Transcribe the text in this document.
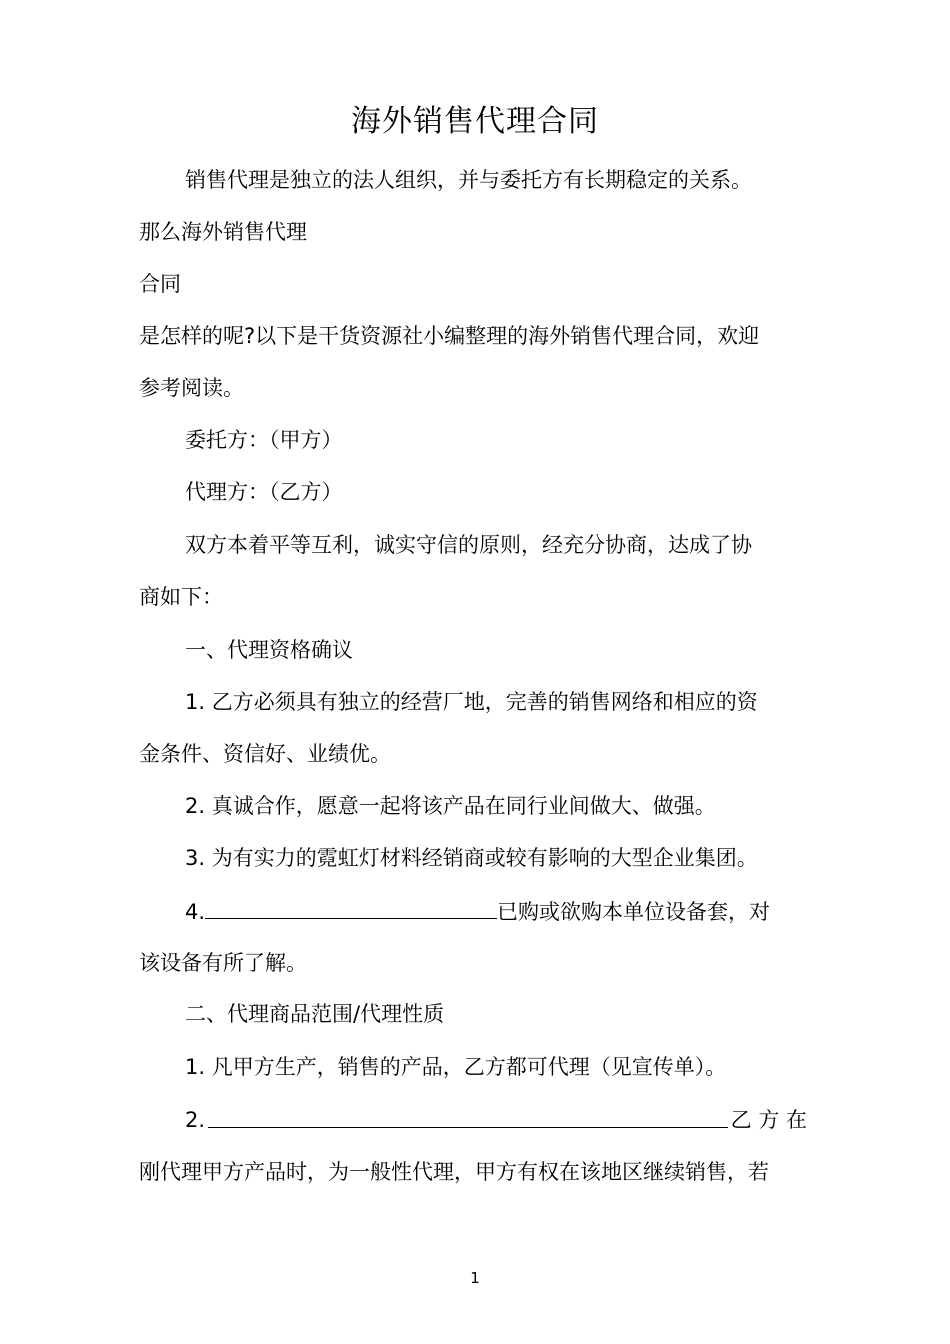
海外销售代理合同
销售代理是独立的法人组织，并与委托方有长期稳定的关系。
那么海外销售代理
合同
是怎样的呢?以下是干货资源社小编整理的海外销售代理合同，欢迎
参考阅读。
委托方：（甲方）
代理方：（乙方）
双方本着平等互利，诚实守信的原则，经充分协商，达成了协
商如下：
一、代理资格确议
1. 乙方必须具有独立的经营厂地，完善的销售网络和相应的资
金条件、资信好、业绩优。
2. 真诚合作，愿意一起将该产品在同行业间做大、做强。
3. 为有实力的霓虹灯材料经销商或较有影响的大型企业集团。
4.	已购或欲购本单位设备套，对
该设备有所了解。
二、代理商品范围/代理性质
1. 凡甲方生产，销售的产品，乙方都可代理（见宣传单）。
2.	乙 方 在
刚代理甲方产品时，为一般性代理，甲方有权在该地区继续销售，若
1
